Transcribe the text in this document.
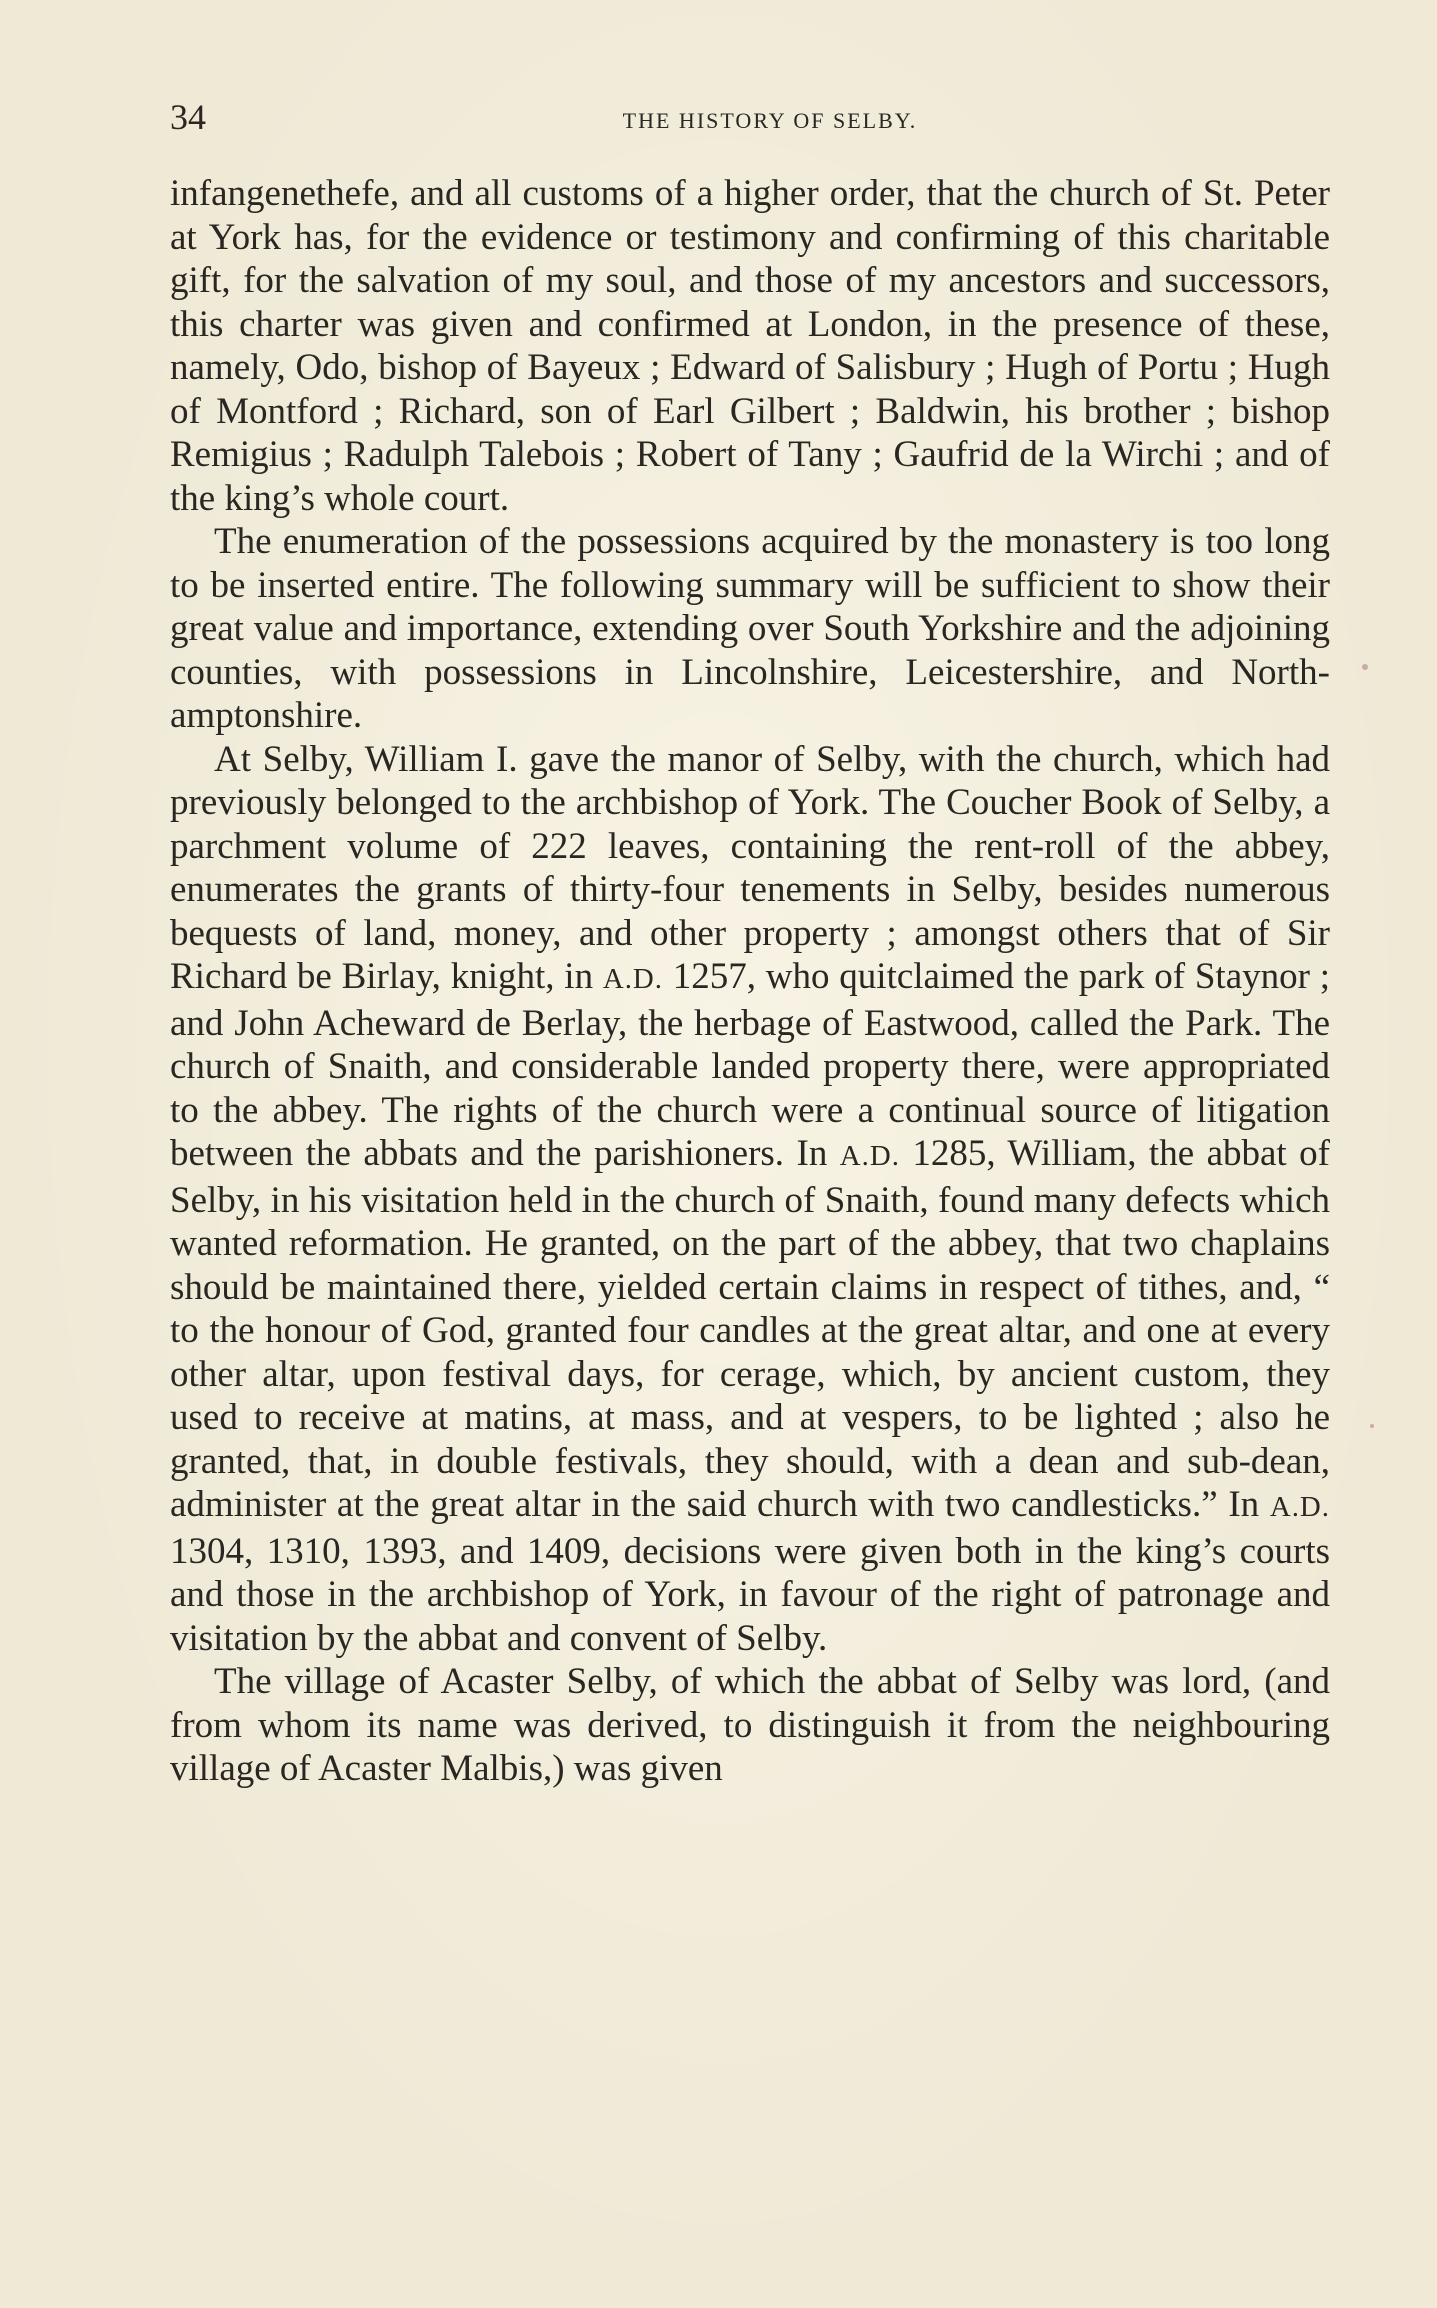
34	THE HISTORY OF SELBY.

infangenethefe, and all customs of a higher order, that the church of St. Peter at York has, for the evidence or testimony and confirming of this charitable gift, for the salvation of my soul, and those of my ancestors and successors, this charter was given and confirmed at London, in the presence of these, namely, Odo, bishop of Bayeux ; Edward of Salisbury ; Hugh of Portu ; Hugh of Montford ; Richard, son of Earl Gilbert ; Baldwin, his brother ; bishop Remigius ; Radulph Talebois ; Robert of Tany ; Gaufrid de la Wirchi ; and of the king’s whole court.

The enumeration of the possessions acquired by the monastery is too long to be inserted entire. The following summary will be sufficient to show their great value and importance, extending over South Yorkshire and the adjoining counties, with possessions in Lincolnshire, Leicestershire, and Northamptonshire.

At Selby, William I. gave the manor of Selby, with the church, which had previously belonged to the archbishop of York. The Coucher Book of Selby, a parchment volume of 222 leaves, containing the rent-roll of the abbey, enumerates the grants of thirty-four tenements in Selby, besides numerous bequests of land, money, and other property ; amongst others that of Sir Richard be Birlay, knight, in A.D. 1257, who quitclaimed the park of Staynor ; and John Acheward de Berlay, the herbage of Eastwood, called the Park. The church of Snaith, and considerable landed property there, were appropriated to the abbey. The rights of the church were a continual source of litigation between the abbats and the parishioners. In A.D. 1285, William, the abbat of Selby, in his visitation held in the church of Snaith, found many defects which wanted reformation. He granted, on the part of the abbey, that two chaplains should be maintained there, yielded certain claims in respect of tithes, and, “ to the honour of God, granted four candles at the great altar, and one at every other altar, upon festival days, for cerage, which, by ancient custom, they used to receive at matins, at mass, and at vespers, to be lighted ; also he granted, that, in double festivals, they should, with a dean and sub-dean, administer at the great altar in the said church with two candlesticks.” In A.D. 1304, 1310, 1393, and 1409, decisions were given both in the king’s courts and those in the archbishop of York, in favour of the right of patronage and visitation by the abbat and convent of Selby.

The village of Acaster Selby, of which the abbat of Selby was lord, (and from whom its name was derived, to distinguish it from the neighbouring village of Acaster Malbis,) was given
